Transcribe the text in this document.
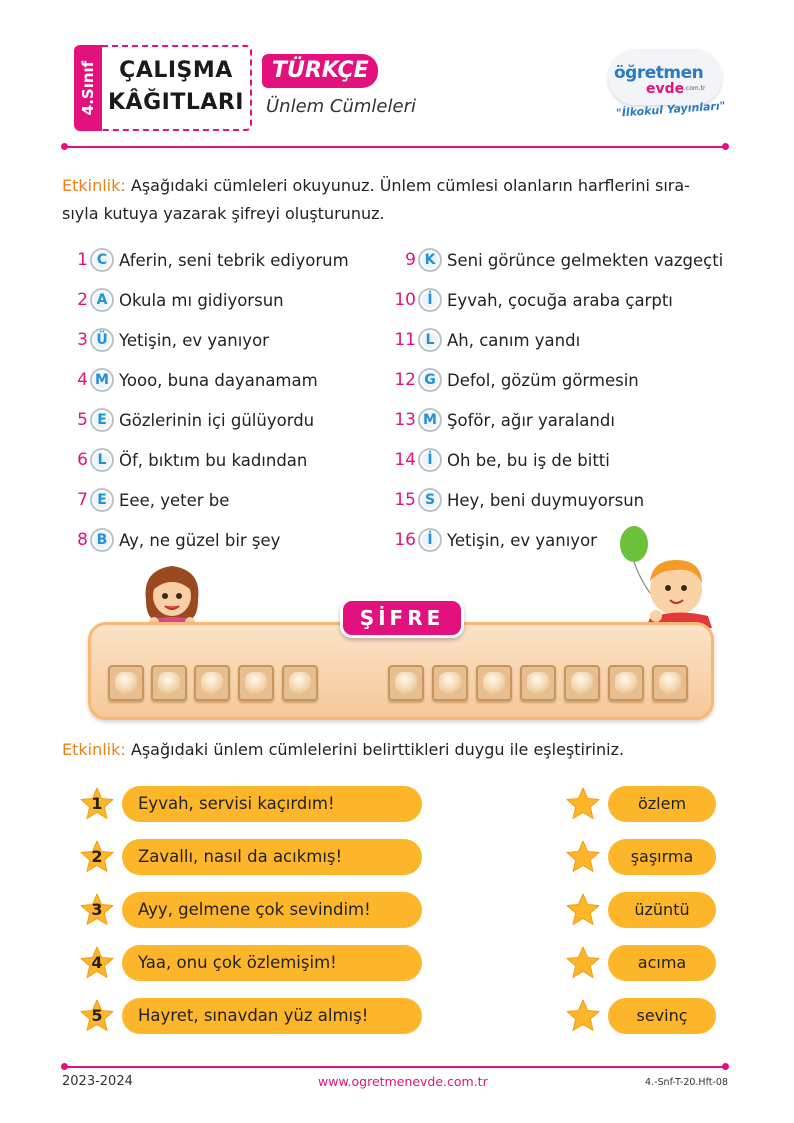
4.Sınıf	ÇALIŞMA
KÂĞITLARI
TÜRKÇE
Ünlem Cümleleri
öğretmen
evde .com.tr
"İlkokul Yayınları"
Etkinlik: Aşağıdaki cümleleri okuyunuz. Ünlem cümlesi olanların harflerini sıra-
sıyla kutuya yazarak şifreyi oluşturunuz.
1 C Aferin, seni tebrik ediyorum
2 A Okula mı gidiyorsun
3 Ü Yetişin, ev yanıyor
4 M Yooo, buna dayanamam
5 E Gözlerinin içi gülüyordu
6 L Öf, bıktım bu kadından
7 E Eee, yeter be
8 B Ay, ne güzel bir şey
9 K Seni görünce gelmekten vazgeçti
10 İ Eyvah, çocuğa araba çarptı
11 L Ah, canım yandı
12 G Defol, gözüm görmesin
13 M Şoför, ağır yaralandı
14 İ Oh be, bu iş de bitti
15 S Hey, beni duymuyorsun
16 İ Yetişin, ev yanıyor
ŞİFRE
Etkinlik: Aşağıdaki ünlem cümlelerini belirttikleri duygu ile eşleştiriniz.
1	Eyvah, servisi kaçırdım!	özlem
2	Zavallı, nasıl da acıkmış!	şaşırma
3	Ayy, gelmene çok sevindim!	üzüntü
4	Yaa, onu çok özlemişim!	acıma
5	Hayret, sınavdan yüz almış!	sevinç
2023-2024	www.ogretmenevde.com.tr	4.-Snf-T-20.Hft-08
